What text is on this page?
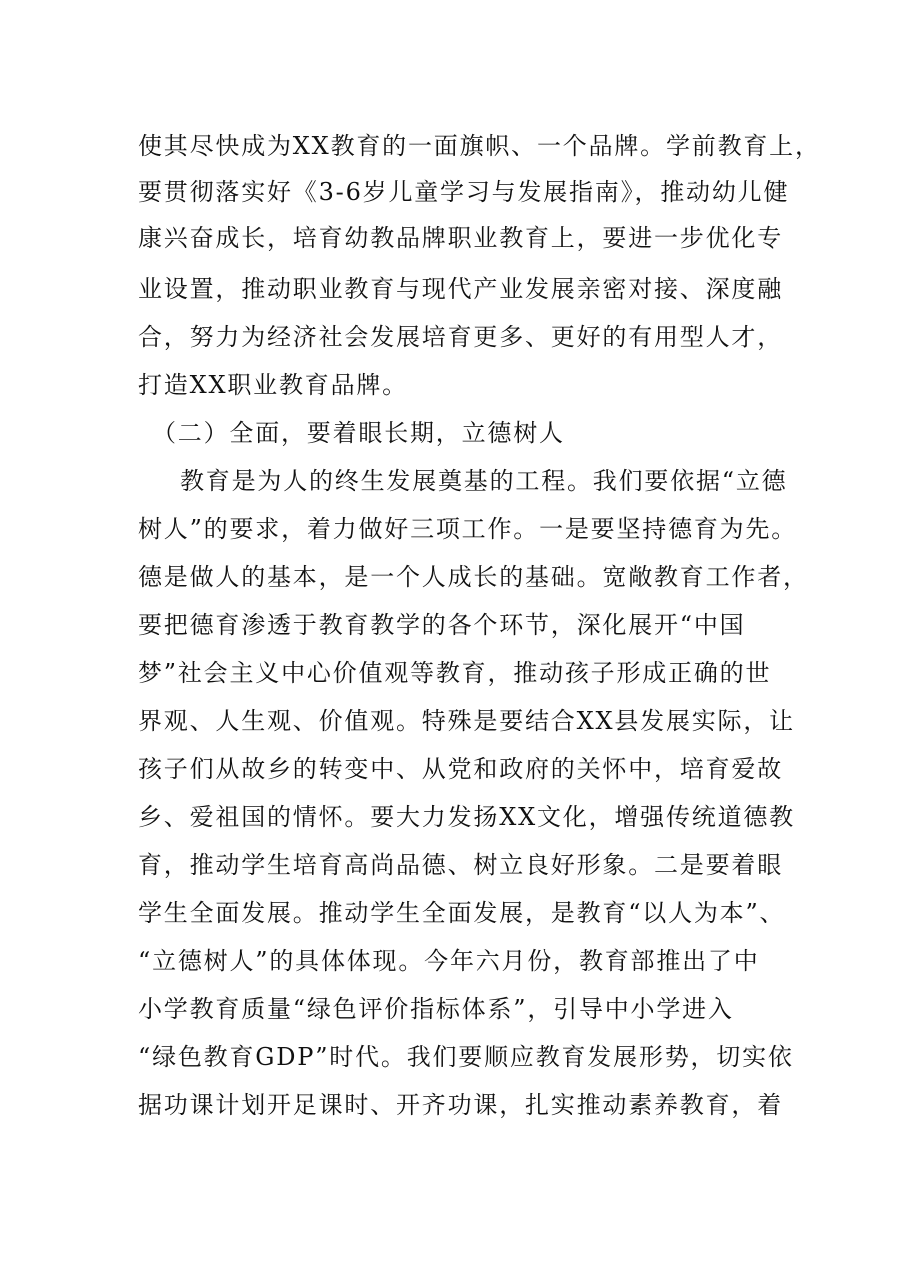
使其尽快成为XX教育的一面旗帜、一个品牌。学前教育上，
要贯彻落实好《3-6岁儿童学习与发展指南》，推动幼儿健
康兴奋成长，培育幼教品牌职业教育上，要进一步优化专
业设置，推动职业教育与现代产业发展亲密对接、深度融
合，努力为经济社会发展培育更多、更好的有用型人才，
打造XX职业教育品牌。
（二）全面，要着眼长期，立德树人
教育是为人的终生发展奠基的工程。我们要依据“立德
树人”的要求，着力做好三项工作。一是要坚持德育为先。
德是做人的基本，是一个人成长的基础。宽敞教育工作者，
要把德育渗透于教育教学的各个环节，深化展开“中国
梦”社会主义中心价值观等教育，推动孩子形成正确的世
界观、人生观、价值观。特殊是要结合XX县发展实际，让
孩子们从故乡的转变中、从党和政府的关怀中，培育爱故
乡、爱祖国的情怀。要大力发扬XX文化，增强传统道德教
育，推动学生培育高尚品德、树立良好形象。二是要着眼
学生全面发展。推动学生全面发展，是教育“以人为本”、
“立德树人”的具体体现。今年六月份，教育部推出了中
小学教育质量“绿色评价指标体系”，引导中小学进入
“绿色教育GDP”时代。我们要顺应教育发展形势，切实依
据功课计划开足课时、开齐功课，扎实推动素养教育，着
